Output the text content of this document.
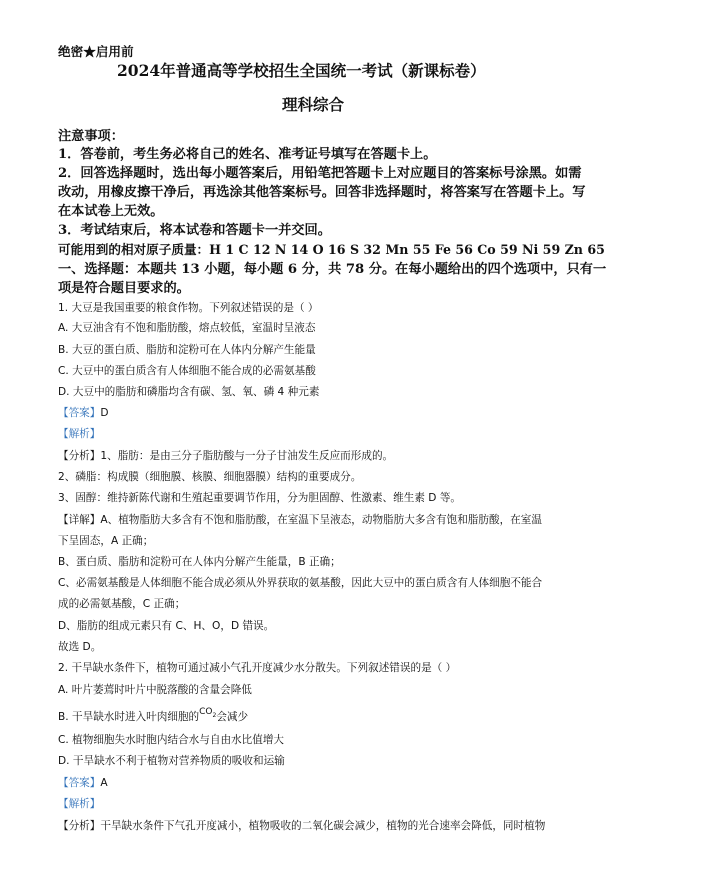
绝密★启用前
2024年普通高等学校招生全国统一考试（新课标卷）
理科综合
注意事项：
1．答卷前，考生务必将自己的姓名、准考证号填写在答题卡上。
2．回答选择题时，选出每小题答案后，用铅笔把答题卡上对应题目的答案标号涂黑。如需
改动，用橡皮擦干净后，再选涂其他答案标号。回答非选择题时，将答案写在答题卡上。写
在本试卷上无效。
3．考试结束后，将本试卷和答题卡一并交回。
可能用到的相对原子质量：H 1 C 12 N 14 O 16 S 32 Mn 55 Fe 56 Co 59 Ni 59 Zn 65
一、选择题：本题共 13 小题，每小题 6 分，共 78 分。在每小题给出的四个选项中，只有一
项是符合题目要求的。
1. 大豆是我国重要的粮食作物。下列叙述错误的是（ ）
A. 大豆油含有不饱和脂肪酸，熔点较低，室温时呈液态
B. 大豆的蛋白质、脂肪和淀粉可在人体内分解产生能量
C. 大豆中的蛋白质含有人体细胞不能合成的必需氨基酸
D. 大豆中的脂肪和磷脂均含有碳、氢、氧、磷 4 种元素
【答案】D
【解析】
【分析】1、脂肪：是由三分子脂肪酸与一分子甘油发生反应而形成的。
2、磷脂：构成膜（细胞膜、核膜、细胞器膜）结构的重要成分。
3、固醇：维持新陈代谢和生殖起重要调节作用，分为胆固醇、性激素、维生素 D 等。
【详解】A、植物脂肪大多含有不饱和脂肪酸，在室温下呈液态，动物脂肪大多含有饱和脂肪酸，在室温
下呈固态，A 正确；
B、蛋白质、脂肪和淀粉可在人体内分解产生能量，B 正确；
C、必需氨基酸是人体细胞不能合成必须从外界获取的氨基酸，因此大豆中的蛋白质含有人体细胞不能合
成的必需氨基酸，C 正确；
D、脂肪的组成元素只有 C、H、O，D 错误。
故选 D。
2. 干旱缺水条件下，植物可通过减小气孔开度减少水分散失。下列叙述错误的是（ ）
A. 叶片萎蔫时叶片中脱落酸的含量会降低
B. 干旱缺水时进入叶肉细胞的$^{CO_2}$会减少
C. 植物细胞失水时胞内结合水与自由水比值增大
D. 干旱缺水不利于植物对营养物质的吸收和运输
【答案】A
【解析】
【分析】干旱缺水条件下气孔开度减小，植物吸收的二氧化碳会减少，植物的光合速率会降低，同时植物
